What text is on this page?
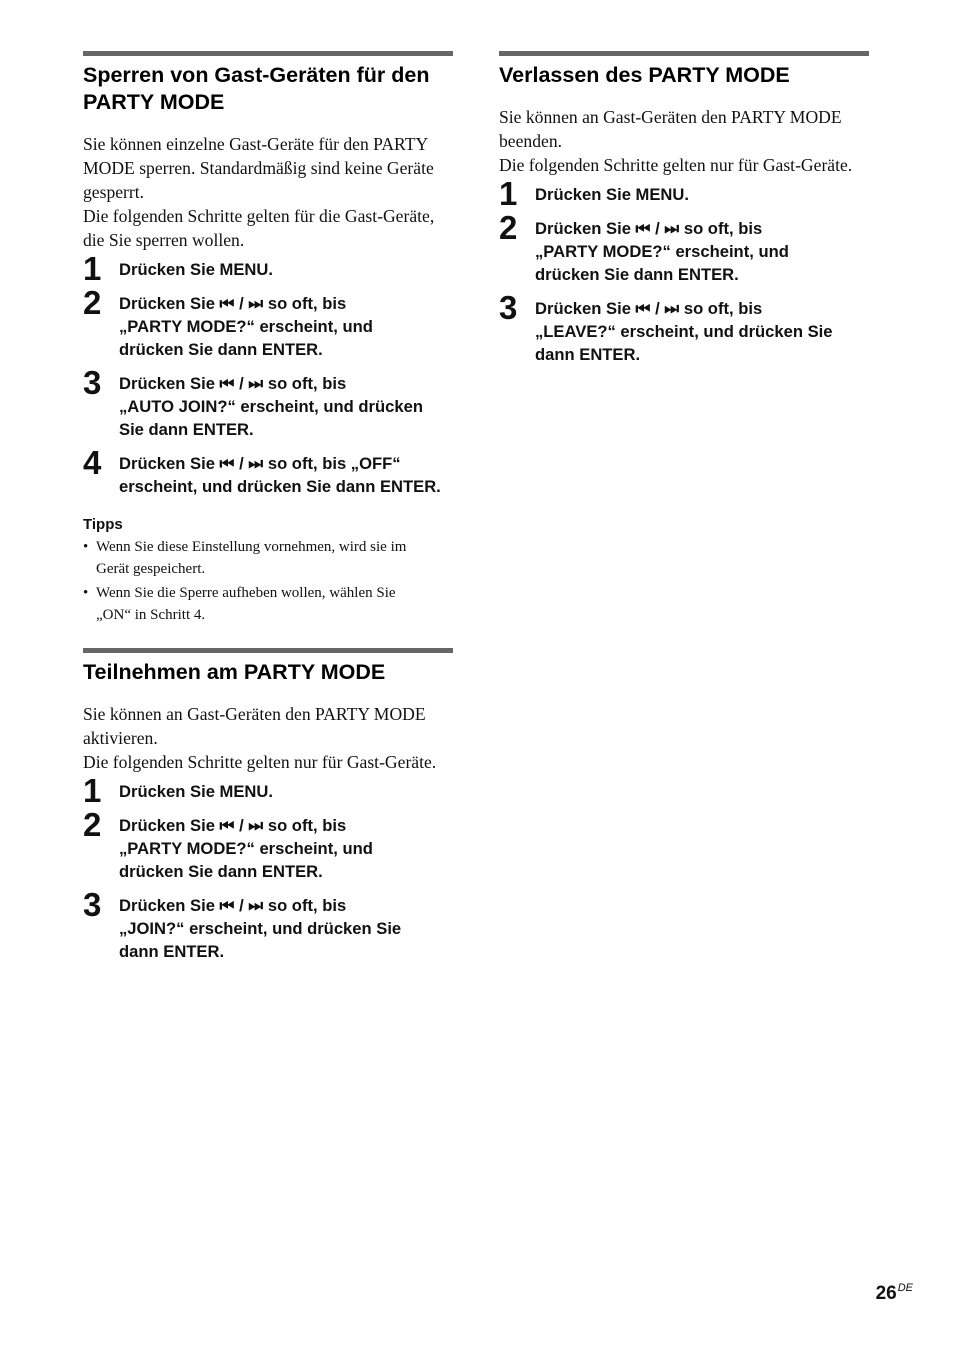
Sperren von Gast-Geräten für den PARTY MODE

Sie können einzelne Gast-Geräte für den PARTY MODE sperren. Standardmäßig sind keine Geräte gesperrt.

Die folgenden Schritte gelten für die Gast-Geräte, die Sie sperren wollen.

1 Drücken Sie MENU.
2 Drücken Sie ⏮ / ⏭ so oft, bis
„PARTY MODE?“ erscheint, und
drücken Sie dann ENTER.
3 Drücken Sie ⏮ / ⏭ so oft, bis
„AUTO JOIN?“ erscheint, und drücken
Sie dann ENTER.
4 Drücken Sie ⏮ / ⏭ so oft, bis „OFF“
erscheint, und drücken Sie dann ENTER.
Tipps
• Wenn Sie diese Einstellung vornehmen, wird sie im
Gerät gespeichert.
• Wenn Sie die Sperre aufheben wollen, wählen Sie
„ON“ in Schritt 4.
Teilnehmen am PARTY MODE

Sie können an Gast-Geräten den PARTY MODE aktivieren.

Die folgenden Schritte gelten nur für Gast-Geräte.

1 Drücken Sie MENU.
2 Drücken Sie ⏮ / ⏭ so oft, bis
„PARTY MODE?“ erscheint, und
drücken Sie dann ENTER.
3 Drücken Sie ⏮ / ⏭ so oft, bis
„JOIN?“ erscheint, und drücken Sie
dann ENTER.
Verlassen des PARTY MODE

Sie können an Gast-Geräten den PARTY MODE beenden.

Die folgenden Schritte gelten nur für Gast-Geräte.

1 Drücken Sie MENU.
2 Drücken Sie ⏮ / ⏭ so oft, bis
„PARTY MODE?“ erscheint, und
drücken Sie dann ENTER.
3 Drücken Sie ⏮ / ⏭ so oft, bis
„LEAVE?“ erscheint, und drücken Sie
dann ENTER.
26DE
